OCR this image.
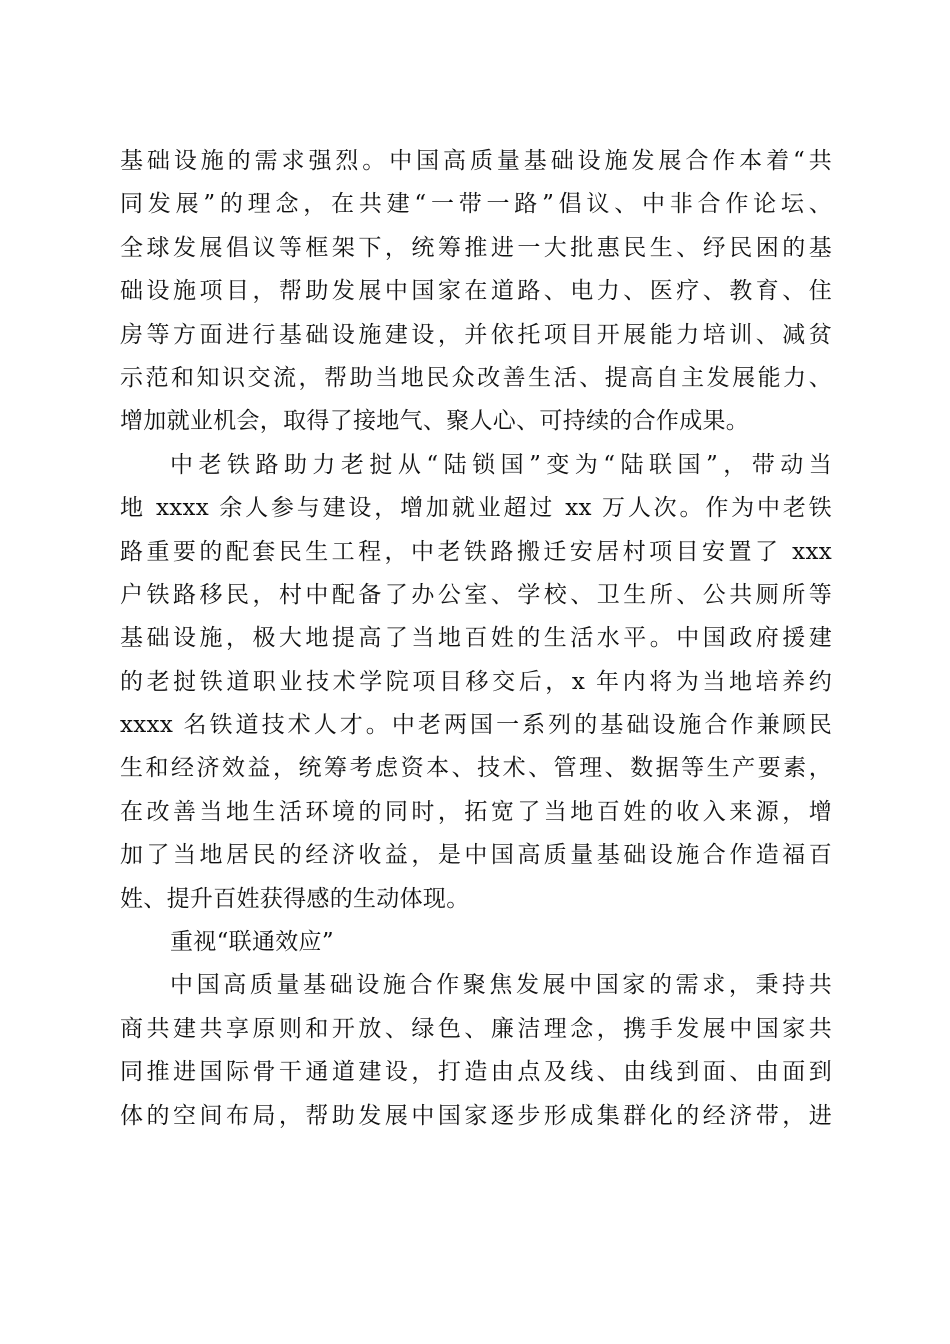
基础设施的需求强烈。中国高质量基础设施发展合作本着“共
同发展”的理念，在共建“一带一路”倡议、中非合作论坛、
全球发展倡议等框架下，统筹推进一大批惠民生、纾民困的基
础设施项目，帮助发展中国家在道路、电力、医疗、教育、住
房等方面进行基础设施建设，并依托项目开展能力培训、减贫
示范和知识交流，帮助当地民众改善生活、提高自主发展能力、
增加就业机会，取得了接地气、聚人心、可持续的合作成果。
中老铁路助力老挝从“陆锁国”变为“陆联国”，带动当
地 xxxx 余人参与建设，增加就业超过 xx 万人次。作为中老铁
路重要的配套民生工程，中老铁路搬迁安居村项目安置了 xxx
户铁路移民，村中配备了办公室、学校、卫生所、公共厕所等
基础设施，极大地提高了当地百姓的生活水平。中国政府援建
的老挝铁道职业技术学院项目移交后，x 年内将为当地培养约
xxxx 名铁道技术人才。中老两国一系列的基础设施合作兼顾民
生和经济效益，统筹考虑资本、技术、管理、数据等生产要素，
在改善当地生活环境的同时，拓宽了当地百姓的收入来源，增
加了当地居民的经济收益，是中国高质量基础设施合作造福百
姓、提升百姓获得感的生动体现。
重视“联通效应”
中国高质量基础设施合作聚焦发展中国家的需求，秉持共
商共建共享原则和开放、绿色、廉洁理念，携手发展中国家共
同推进国际骨干通道建设，打造由点及线、由线到面、由面到
体的空间布局，帮助发展中国家逐步形成集群化的经济带，进
